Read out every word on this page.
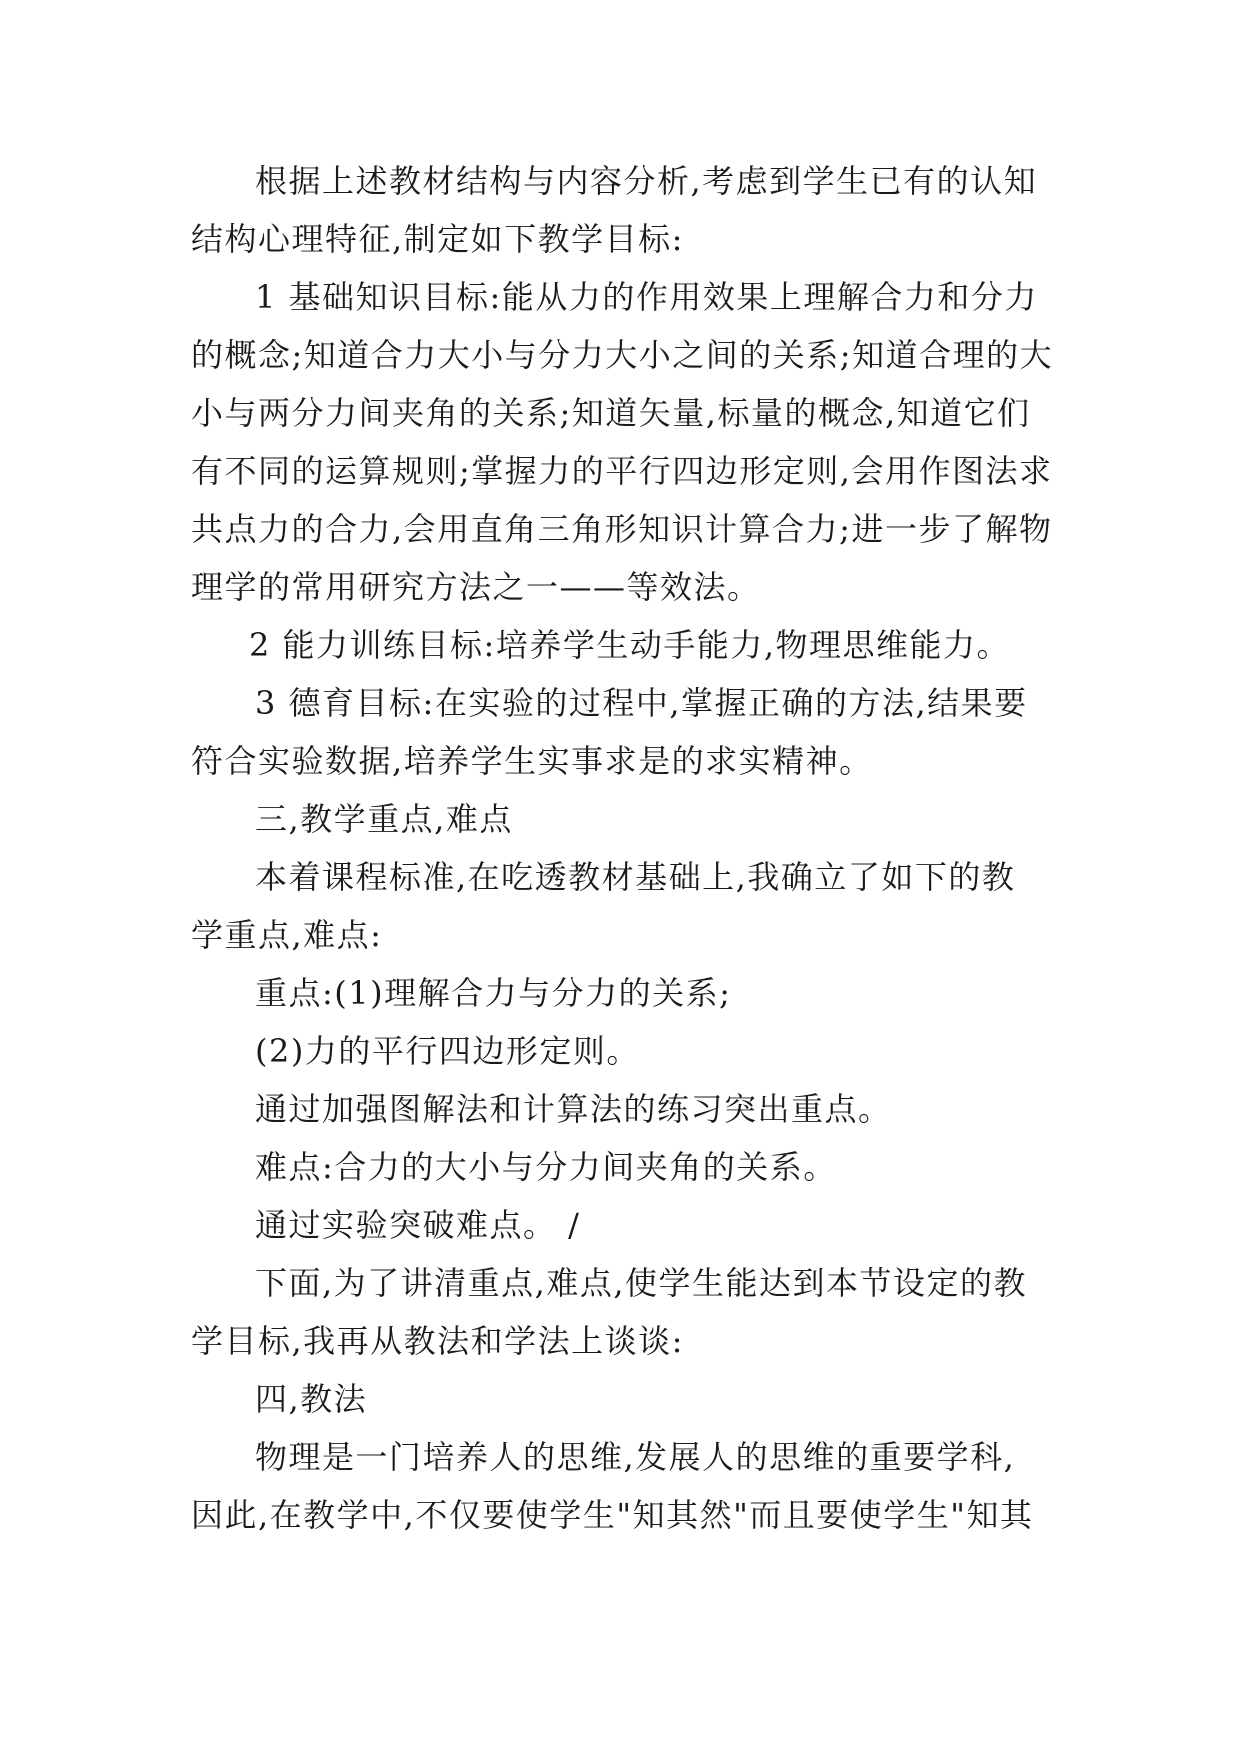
根据上述教材结构与内容分析,考虑到学生已有的认知
结构心理特征,制定如下教学目标:
1 基础知识目标:能从力的作用效果上理解合力和分力
的概念;知道合力大小与分力大小之间的关系;知道合理的大
小与两分力间夹角的关系;知道矢量,标量的概念,知道它们
有不同的运算规则;掌握力的平行四边形定则,会用作图法求
共点力的合力,会用直角三角形知识计算合力;进一步了解物
理学的常用研究方法之一——等效法。
2 能力训练目标:培养学生动手能力,物理思维能力。
3 德育目标:在实验的过程中,掌握正确的方法,结果要
符合实验数据,培养学生实事求是的求实精神。
三,教学重点,难点
本着课程标准,在吃透教材基础上,我确立了如下的教
学重点,难点:
重点:(1)理解合力与分力的关系;
(2)力的平行四边形定则。
通过加强图解法和计算法的练习突出重点。
难点:合力的大小与分力间夹角的关系。
通过实验突破难点。 /
下面,为了讲清重点,难点,使学生能达到本节设定的教
学目标,我再从教法和学法上谈谈:
四,教法
物理是一门培养人的思维,发展人的思维的重要学科,
因此,在教学中,不仅要使学生"知其然"而且要使学生"知其
